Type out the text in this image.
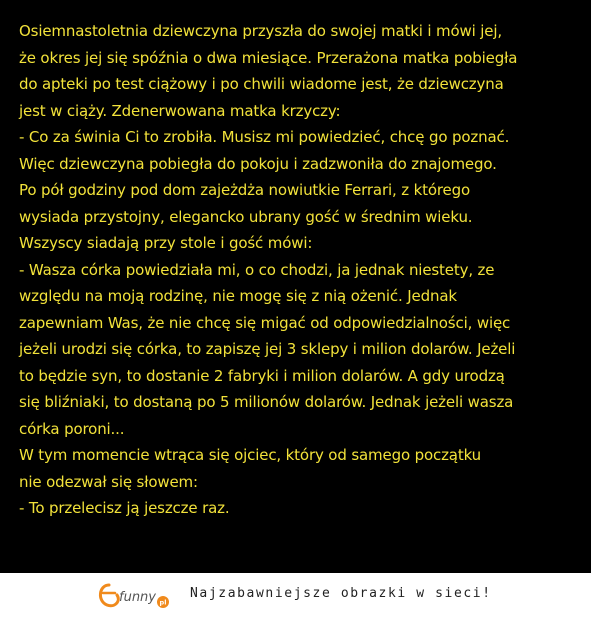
Osiemnastoletnia dziewczyna przyszła do swojej matki i mówi jej,
że okres jej się spóźnia o dwa miesiące. Przerażona matka pobiegła
do apteki po test ciążowy i po chwili wiadome jest, że dziewczyna
jest w ciąży. Zdenerwowana matka krzyczy:
- Co za świnia Ci to zrobiła. Musisz mi powiedzieć, chcę go poznać.
Więc dziewczyna pobiegła do pokoju i zadzwoniła do znajomego.
Po pół godziny pod dom zajeżdża nowiutkie Ferrari, z którego
wysiada przystojny, elegancko ubrany gość w średnim wieku.
Wszyscy siadają przy stole i gość mówi:
- Wasza córka powiedziała mi, o co chodzi, ja jednak niestety, ze
względu na moją rodzinę, nie mogę się z nią ożenić. Jednak
zapewniam Was, że nie chcę się migać od odpowiedzialności, więc
jeżeli urodzi się córka, to zapiszę jej 3 sklepy i milion dolarów. Jeżeli
to będzie syn, to dostanie 2 fabryki i milion dolarów. A gdy urodzą
się bliźniaki, to dostaną po 5 milionów dolarów. Jednak jeżeli wasza
córka poroni...
W tym momencie wtrąca się ojciec, który od samego początku
nie odezwał się słowem:
- To przelecisz ją jeszcze raz.
funny pl
Najzabawniejsze obrazki w sieci!
